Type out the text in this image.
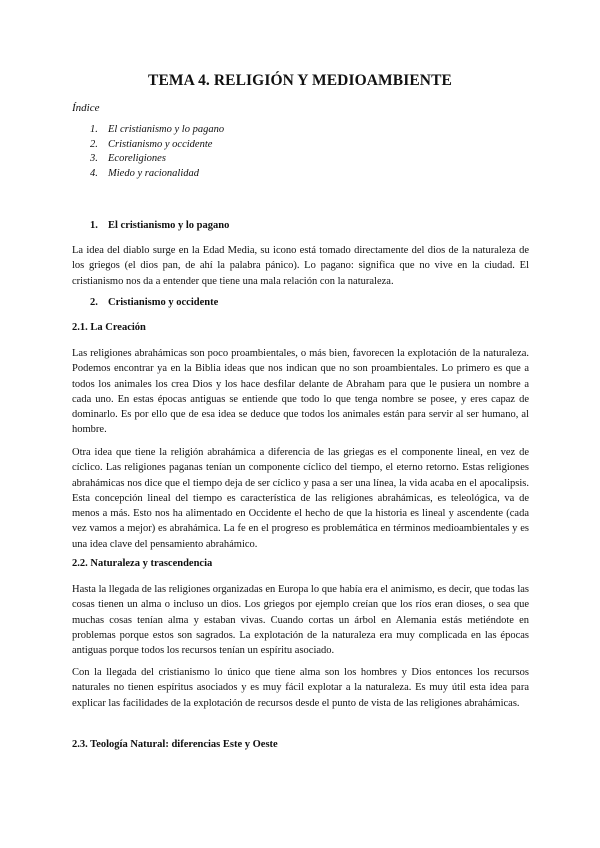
TEMA 4. RELIGIÓN Y MEDIOAMBIENTE
Índice
1. El cristianismo y lo pagano
2. Cristianismo y occidente
3. Ecoreligiones
4. Miedo y racionalidad
1. El cristianismo y lo pagano

La idea del diablo surge en la Edad Media, su icono está tomado directamente del dios de la naturaleza de los griegos (el dios pan, de ahí la palabra pánico). Lo pagano: significa que no vive en la ciudad. El cristianismo nos da a entender que tiene una mala relación con la naturaleza.

2. Cristianismo y occidente
2.1. La Creación

Las religiones abrahámicas son poco proambientales, o más bien, favorecen la explotación de la naturaleza. Podemos encontrar ya en la Biblia ideas que nos indican que no son proambientales. Lo primero es que a todos los animales los crea Dios y los hace desfilar delante de Abraham para que le pusiera un nombre a cada uno. En estas épocas antiguas se entiende que todo lo que tenga nombre se posee, y eres capaz de dominarlo. Es por ello que de esa idea se deduce que todos los animales están para servir al ser humano, al hombre.

Otra idea que tiene la religión abrahámica a diferencia de las griegas es el componente lineal, en vez de cíclico. Las religiones paganas tenían un componente cíclico del tiempo, el eterno retorno. Estas religiones abrahámicas nos dice que el tiempo deja de ser cíclico y pasa a ser una línea, la vida acaba en el apocalipsis. Esta concepción lineal del tiempo es característica de las religiones abrahámicas, es teleológica, va de menos a más. Esto nos ha alimentado en Occidente el hecho de que la historia es lineal y ascendente (cada vez vamos a mejor) es abrahámica. La fe en el progreso es problemática en términos medioambientales y es una idea clave del pensamiento abrahámico.

2.2. Naturaleza y trascendencia

Hasta la llegada de las religiones organizadas en Europa lo que había era el animismo, es decir, que todas las cosas tienen un alma o incluso un dios. Los griegos por ejemplo creían que los ríos eran dioses, o sea que muchas cosas tenían alma y estaban vivas. Cuando cortas un árbol en Alemania estás metiéndote en problemas porque estos son sagrados. La explotación de la naturaleza era muy complicada en las épocas antiguas porque todos los recursos tenían un espíritu asociado.

Con la llegada del cristianismo lo único que tiene alma son los hombres y Dios entonces los recursos naturales no tienen espíritus asociados y es muy fácil explotar a la naturaleza. Es muy útil esta idea para explicar las facilidades de la explotación de recursos desde el punto de vista de las religiones abrahámicas.

2.3. Teología Natural: diferencias Este y Oeste
